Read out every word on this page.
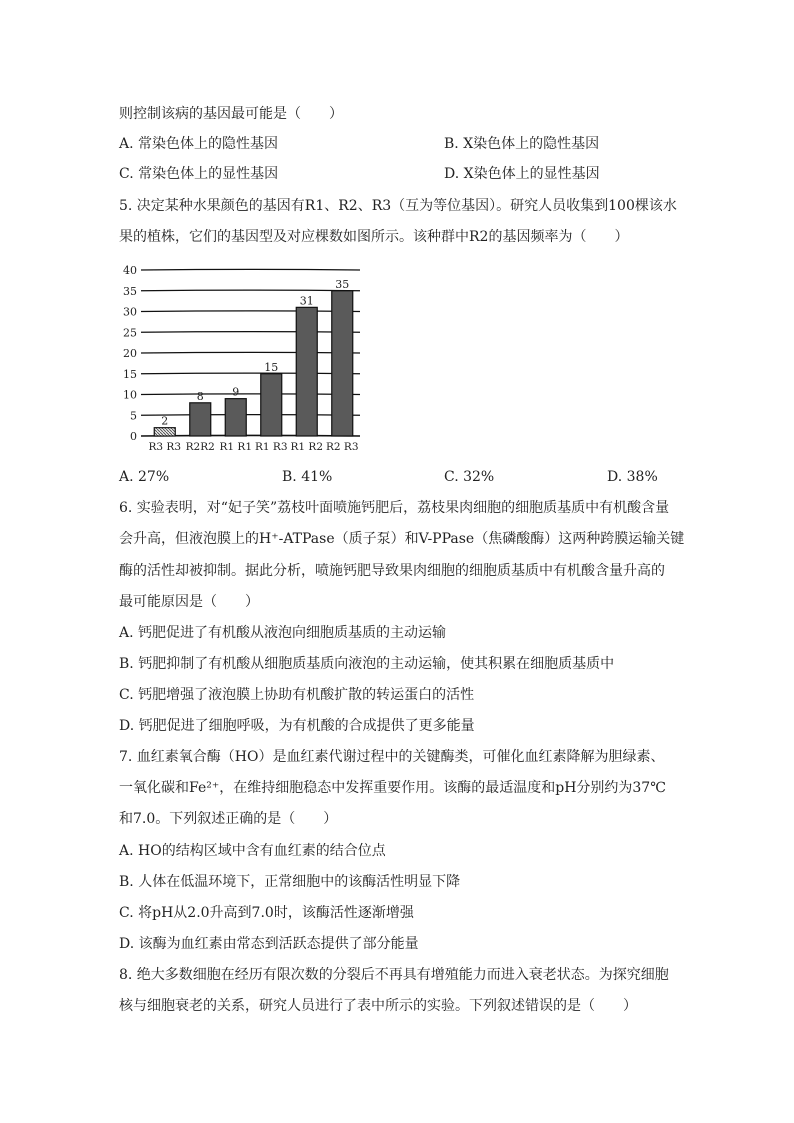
则控制该病的基因最可能是（　　）
A. 常染色体上的隐性基因	B. X染色体上的隐性基因
C. 常染色体上的显性基因	D. X染色体上的显性基因
5. 决定某种水果颜色的基因有R1、R2、R3（互为等位基因）。研究人员收集到100棵该水
果的植株，它们的基因型及对应棵数如图所示。该种群中R2的基因频率为（　　）
0
5
10
15
20
25
30
35
40
2
R3 R3
8
R2R2
9
R1 R1
15
R1 R3
31
R1 R2
35
R2 R3
A. 27%	B. 41%	C. 32%	D. 38%
6. 实验表明，对“妃子笑”荔枝叶面喷施钙肥后，荔枝果肉细胞的细胞质基质中有机酸含量
会升高，但液泡膜上的H⁺-ATPase（质子泵）和V-PPase（焦磷酸酶）这两种跨膜运输关键
酶的活性却被抑制。据此分析，喷施钙肥导致果肉细胞的细胞质基质中有机酸含量升高的
最可能原因是（　　）
A. 钙肥促进了有机酸从液泡向细胞质基质的主动运输
B. 钙肥抑制了有机酸从细胞质基质向液泡的主动运输，使其积累在细胞质基质中
C. 钙肥增强了液泡膜上协助有机酸扩散的转运蛋白的活性
D. 钙肥促进了细胞呼吸，为有机酸的合成提供了更多能量
7. 血红素氧合酶（HO）是血红素代谢过程中的关键酶类，可催化血红素降解为胆绿素、
一氧化碳和Fe²⁺，在维持细胞稳态中发挥重要作用。该酶的最适温度和pH分别约为37℃
和7.0。下列叙述正确的是（　　）
A. HO的结构区域中含有血红素的结合位点
B. 人体在低温环境下，正常细胞中的该酶活性明显下降
C. 将pH从2.0升高到7.0时，该酶活性逐渐增强
D. 该酶为血红素由常态到活跃态提供了部分能量
8. 绝大多数细胞在经历有限次数的分裂后不再具有增殖能力而进入衰老状态。为探究细胞
核与细胞衰老的关系，研究人员进行了表中所示的实验。下列叙述错误的是（　　）
